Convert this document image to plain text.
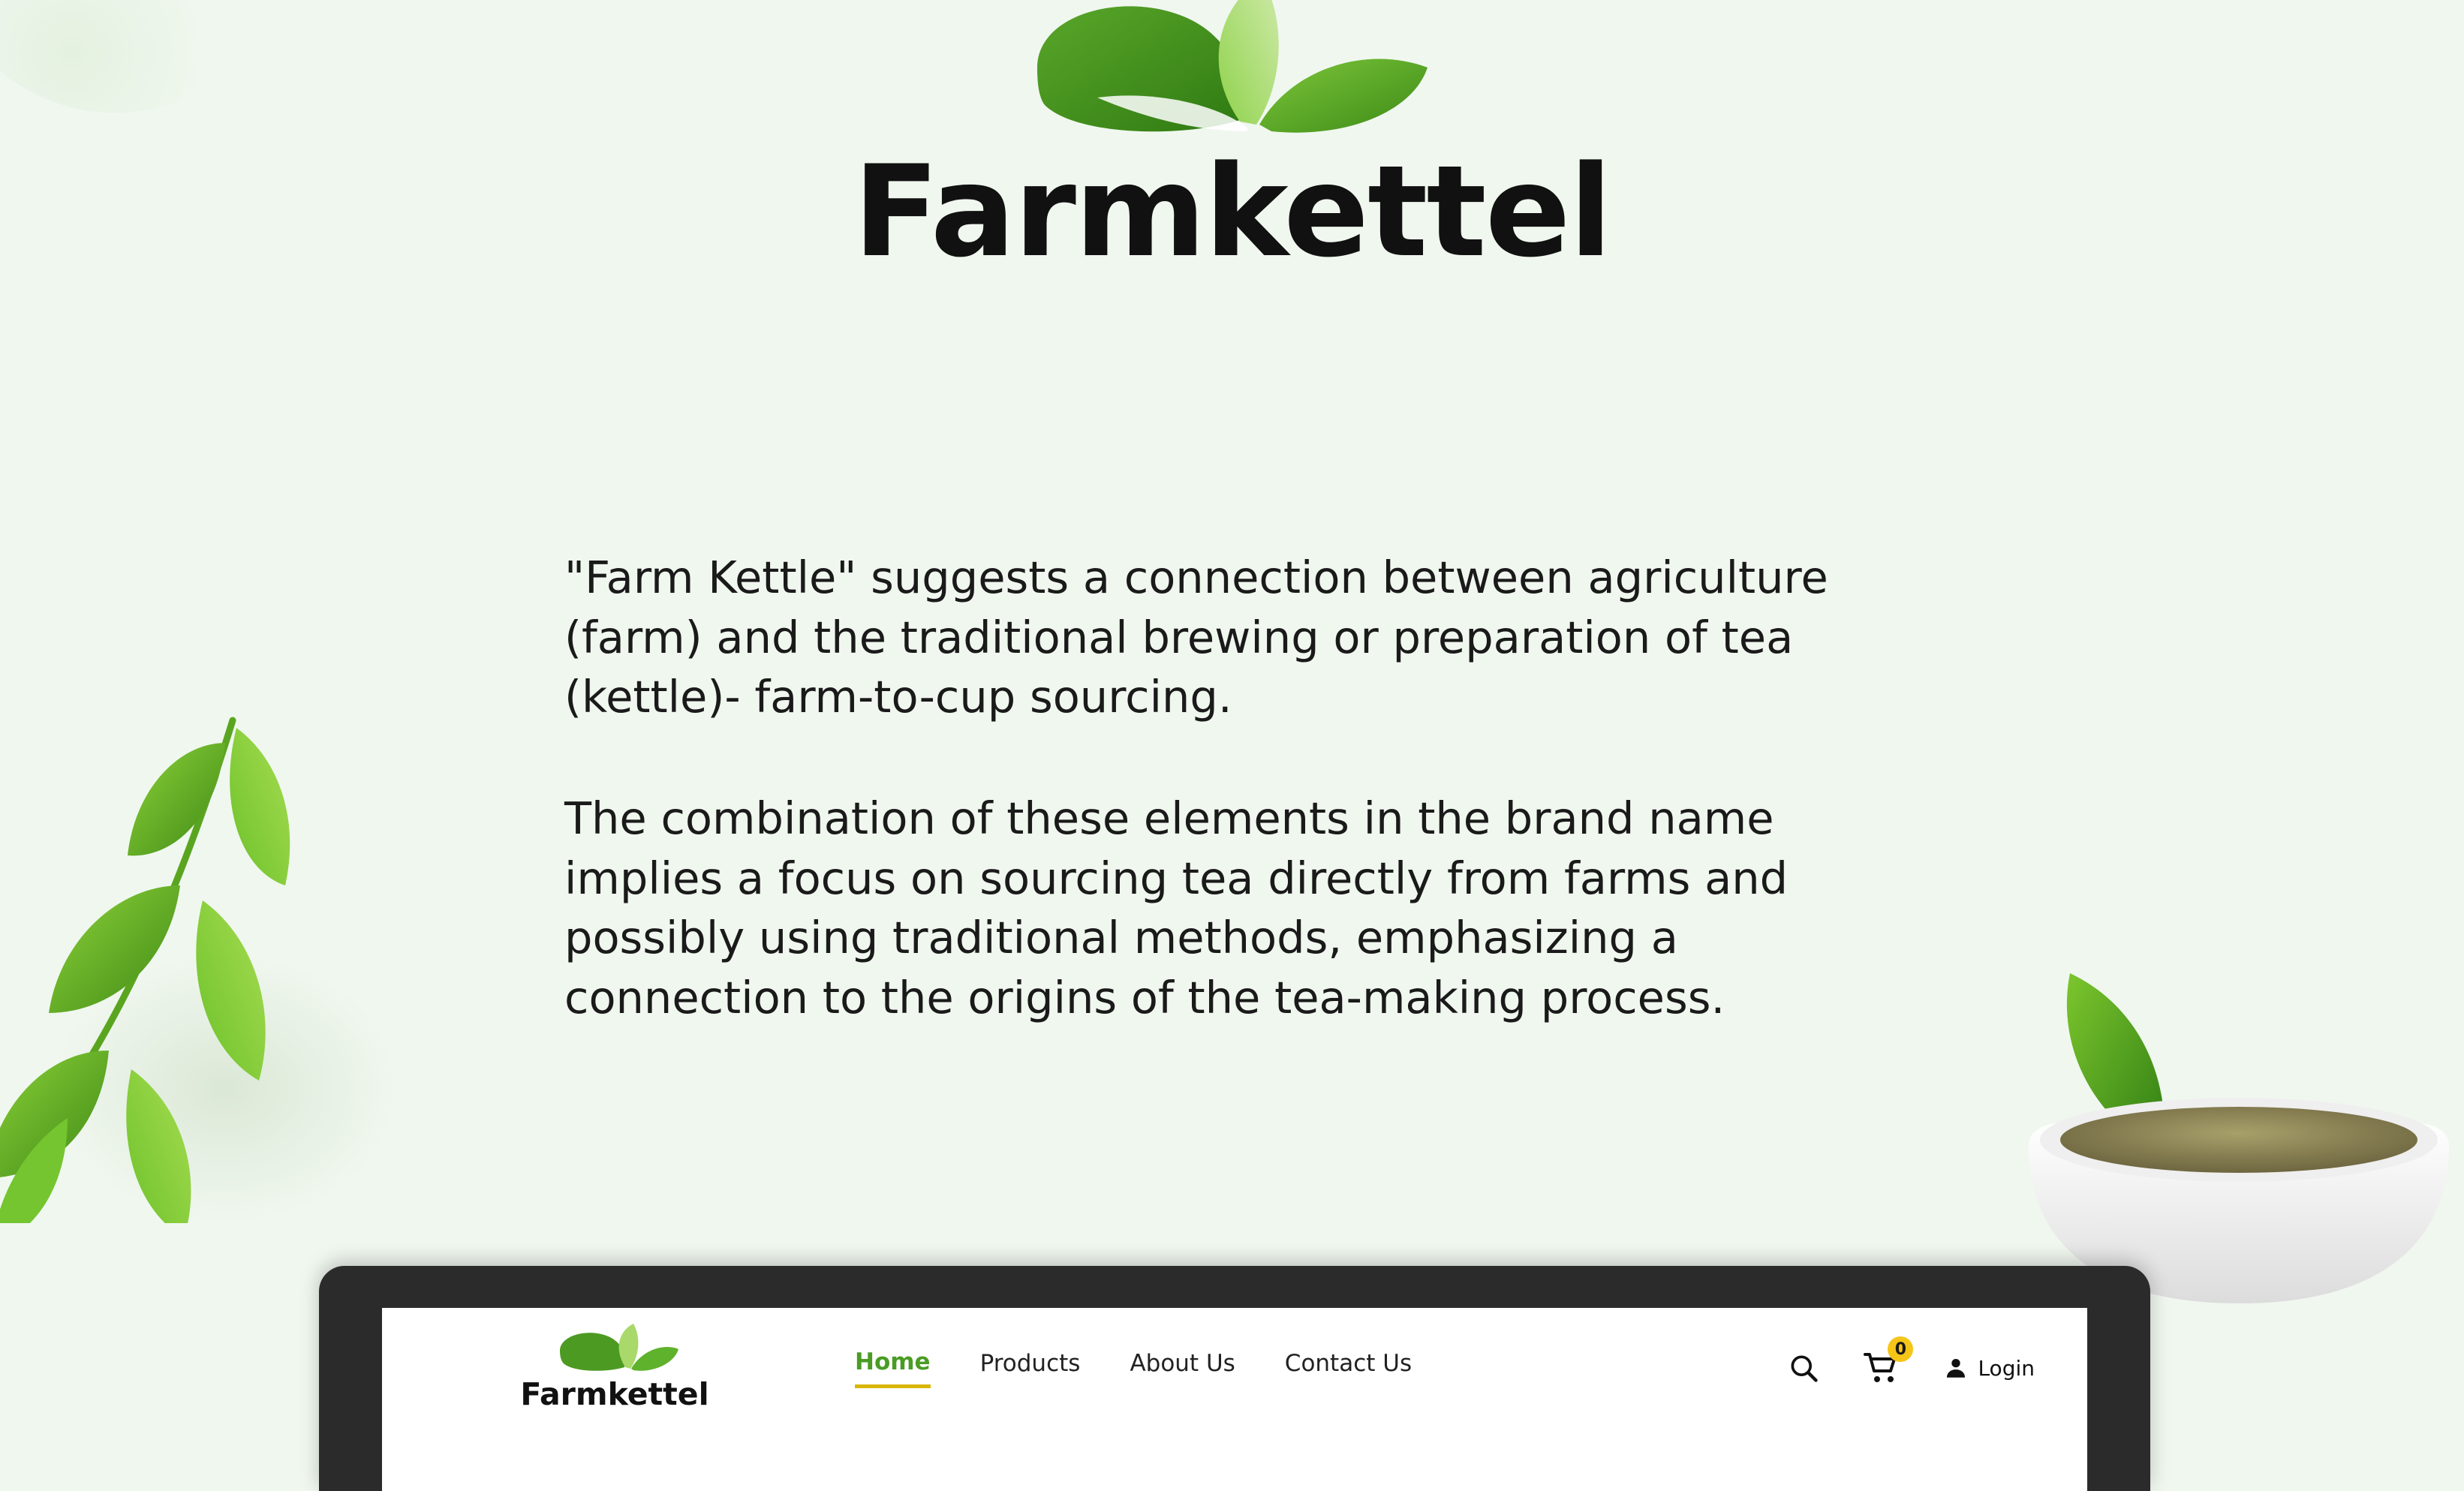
Farmkettel

"Farm Kettle" suggests a connection between agriculture (farm) and the traditional brewing or preparation of tea (kettle)- farm-to-cup sourcing.

The combination of these elements in the brand name implies a focus on sourcing tea directly from farms and possibly using traditional methods, emphasizing a connection to the origins of the tea-making process.

Farmkettel
Home Products About Us Contact Us
0
Login
